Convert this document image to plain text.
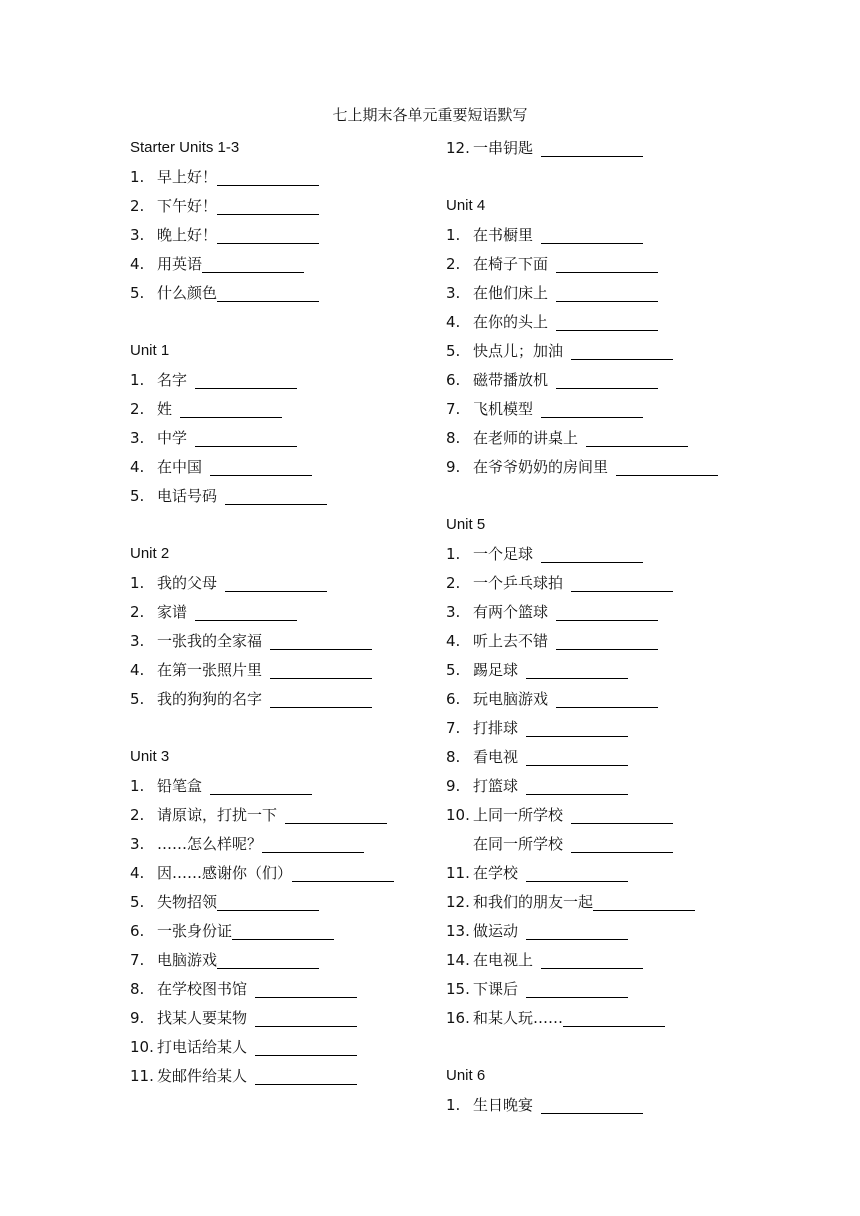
七上期末各单元重要短语默写
Starter Units 1-3
1. 早上好！
2. 下午好！
3. 晚上好！
4. 用英语
5. 什么颜色
Unit 1
1. 名字
2. 姓
3. 中学
4. 在中国
5. 电话号码
Unit 2
1. 我的父母
2. 家谱
3. 一张我的全家福
4. 在第一张照片里
5. 我的狗狗的名字
Unit 3
1. 铅笔盒
2. 请原谅，打扰一下
3. ……怎么样呢？
4. 因……感谢你（们）
5. 失物招领
6. 一张身份证
7. 电脑游戏
8. 在学校图书馆
9. 找某人要某物
10. 打电话给某人
11. 发邮件给某人
12. 一串钥匙
Unit 4
1. 在书橱里
2. 在椅子下面
3. 在他们床上
4. 在你的头上
5. 快点儿；加油
6. 磁带播放机
7. 飞机模型
8. 在老师的讲桌上
9. 在爷爷奶奶的房间里
Unit 5
1. 一个足球
2. 一个乒乓球拍
3. 有两个篮球
4. 听上去不错
5. 踢足球
6. 玩电脑游戏
7. 打排球
8. 看电视
9. 打篮球
10. 上同一所学校
在同一所学校
11. 在学校
12. 和我们的朋友一起
13. 做运动
14. 在电视上
15. 下课后
16. 和某人玩……
Unit 6
1. 生日晚宴
